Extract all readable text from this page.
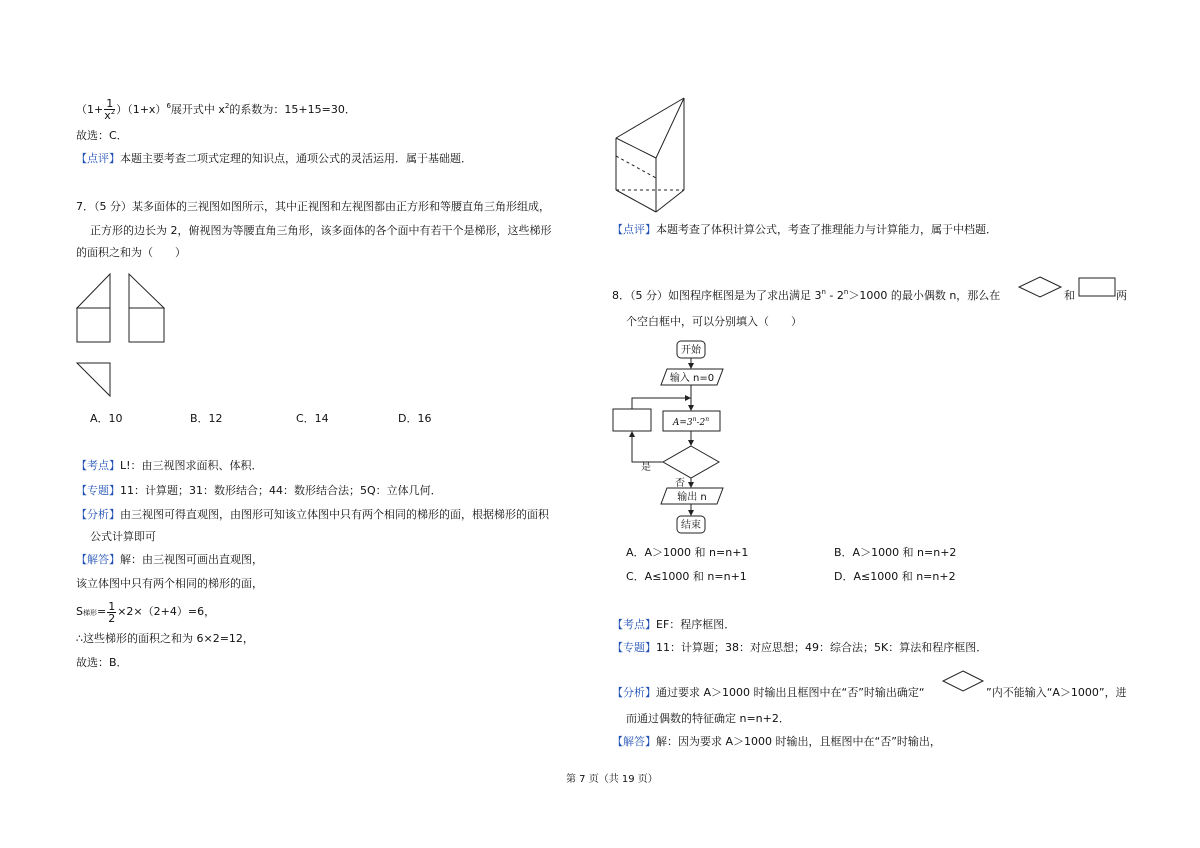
$(1+ \frac{1}{x^2} )(1+x)^6$展开式中 $x^2$的系数为：15+15=30．
故选：C．
【点评】本题主要考查二项式定理的知识点，通项公式的灵活运用．属于基础题．
7．（5 分）某多面体的三视图如图所示，其中正视图和左视图都由正方形和等腰直角三角形组成，
正方形的边长为 2，俯视图为等腰直角三角形，该多面体的各个面中有若干个是梯形，这些梯形
的面积之和为（　　）
A．10	B．12	C．14	D．16
【考点】L!：由三视图求面积、体积．
【专题】11：计算题；31：数形结合；44：数形结合法；5Q：立体几何．
【分析】由三视图可得直观图，由图形可知该立体图中只有两个相同的梯形的面，根据梯形的面积
公式计算即可
【解答】解：由三视图可画出直观图，
该立体图中只有两个相同的梯形的面，
S梯形= $\frac{1}{2} \times 2\times(2+4)=6$，
∴这些梯形的面积之和为 6×2=12，
故选：B．
【点评】本题考查了体积计算公式，考查了推理能力与计算能力，属于中档题．
8．（5 分）如图程序框图是为了求出满足 $3^n - 2^n>1000$ 的最小偶数 n，那么在	和	两
个空白框中，可以分别填入（　　）
开始
输入 n=0
$A=3^n-2^n$
是
否
输出 n
结束
A．A＞1000 和 n=n+1	B．A＞1000 和 n=n+2
C．A≤1000 和 n=n+1	D．A≤1000 和 n=n+2
【考点】EF：程序框图．
【专题】11：计算题；38：对应思想；49：综合法；5K：算法和程序框图．
【分析】通过要求 A＞1000 时输出且框图中在“否”时输出确定“	”内不能输入“A＞1000”，进
而通过偶数的特征确定 n=n+2．
【解答】解：因为要求 A＞1000 时输出，且框图中在“否”时输出，
第 7 页（共 19 页）
